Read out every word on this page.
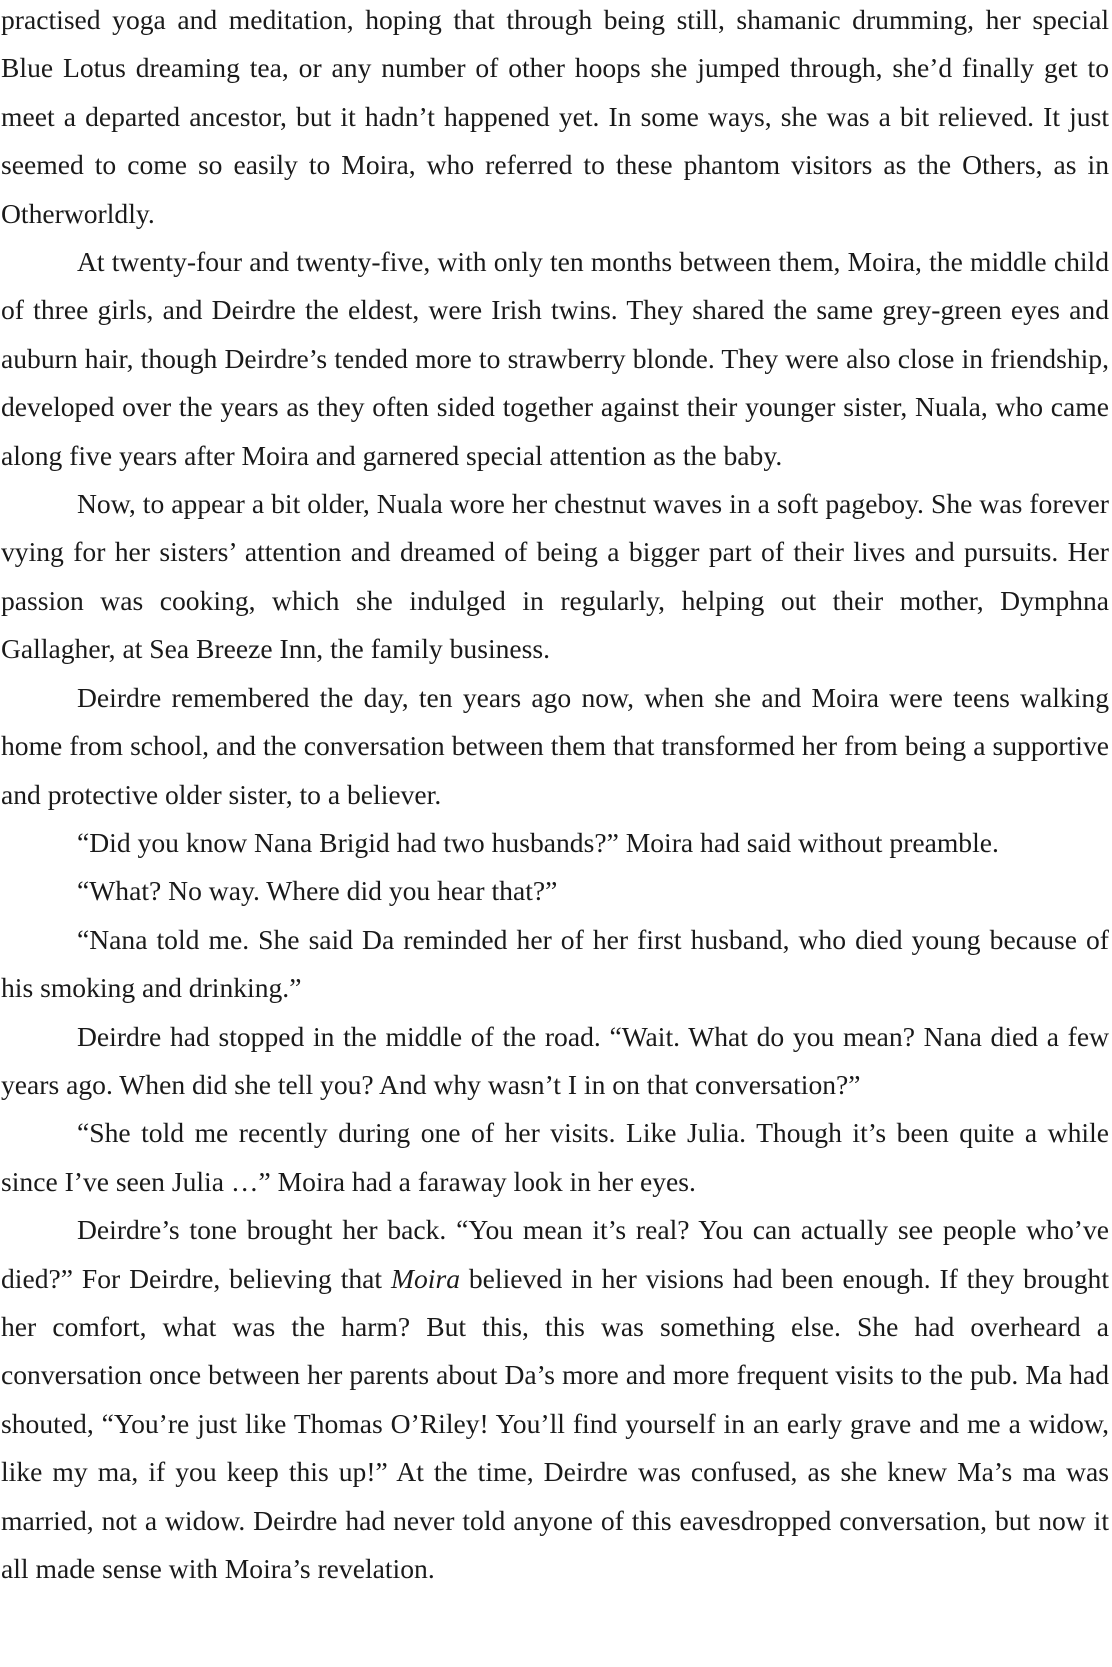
practised yoga and meditation, hoping that through being still, shamanic drumming, her special Blue Lotus dreaming tea, or any number of other hoops she jumped through, she’d finally get to meet a departed ancestor, but it hadn’t happened yet. In some ways, she was a bit relieved. It just seemed to come so easily to Moira, who referred to these phantom visitors as the Others, as in Otherworldly.

At twenty-four and twenty-five, with only ten months between them, Moira, the middle child of three girls, and Deirdre the eldest, were Irish twins. They shared the same grey-green eyes and auburn hair, though Deirdre’s tended more to strawberry blonde. They were also close in friendship, developed over the years as they often sided together against their younger sister, Nuala, who came along five years after Moira and garnered special attention as the baby.

Now, to appear a bit older, Nuala wore her chestnut waves in a soft pageboy. She was forever vying for her sisters’ attention and dreamed of being a bigger part of their lives and pursuits. Her passion was cooking, which she indulged in regularly, helping out their mother, Dymphna Gallagher, at Sea Breeze Inn, the family business.

Deirdre remembered the day, ten years ago now, when she and Moira were teens walking home from school, and the conversation between them that transformed her from being a supportive and protective older sister, to a believer.

“Did you know Nana Brigid had two husbands?” Moira had said without preamble.

“What? No way. Where did you hear that?”

“Nana told me. She said Da reminded her of her first husband, who died young because of his smoking and drinking.”

Deirdre had stopped in the middle of the road. “Wait. What do you mean? Nana died a few years ago. When did she tell you? And why wasn’t I in on that conversation?”

“She told me recently during one of her visits. Like Julia. Though it’s been quite a while since I’ve seen Julia …” Moira had a faraway look in her eyes.

Deirdre’s tone brought her back. “You mean it’s real? You can actually see people who’ve died?” For Deirdre, believing that Moira believed in her visions had been enough. If they brought her comfort, what was the harm? But this, this was something else. She had overheard a conversation once between her parents about Da’s more and more frequent visits to the pub. Ma had shouted, “You’re just like Thomas O’Riley! You’ll find yourself in an early grave and me a widow, like my ma, if you keep this up!” At the time, Deirdre was confused, as she knew Ma’s ma was married, not a widow. Deirdre had never told anyone of this eavesdropped conversation, but now it all made sense with Moira’s revelation.
